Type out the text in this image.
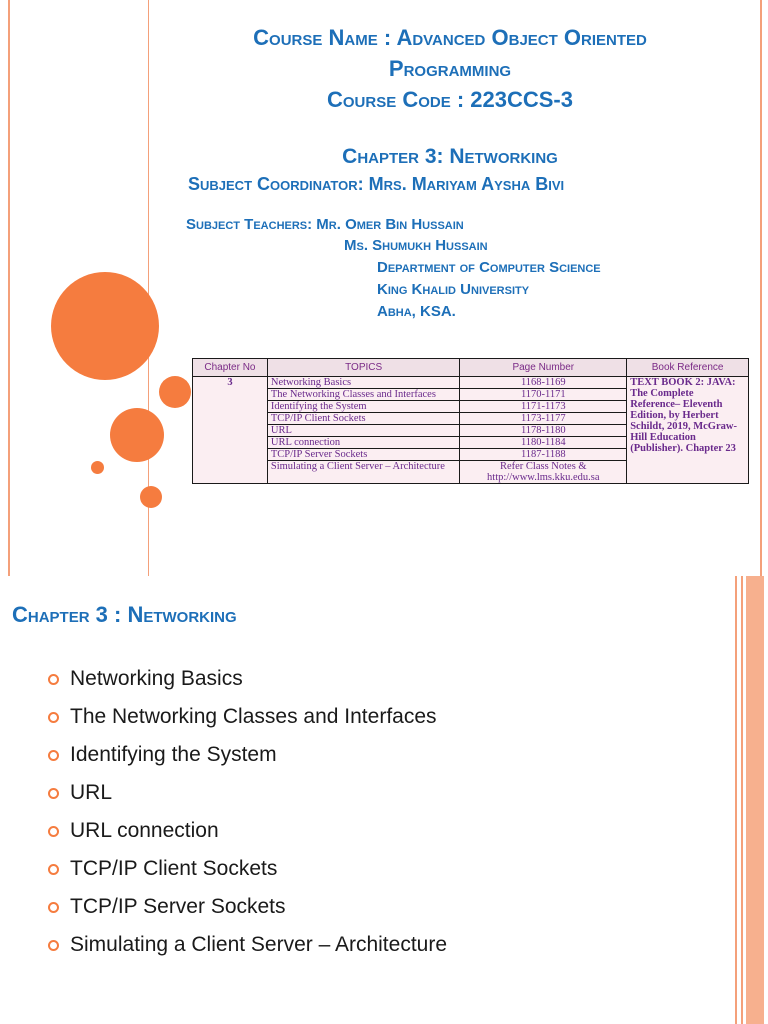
Course Name : Advanced Object Oriented
Programming
Course Code : 223CCS-3
Chapter 3: Networking
Subject Coordinator: Mrs. Mariyam Aysha Bivi
Subject Teachers: Mr. Omer Bin Hussain
Ms. Shumukh Hussain
Department of Computer Science
King Khalid University
Abha, KSA.
Chapter No	TOPICS	Page Number	Book Reference
3	Networking Basics	1168-1169	TEXT BOOK 2: JAVA: The Complete Reference– Eleventh Edition, by Herbert Schildt, 2019, McGraw-Hill Education (Publisher). Chapter 23
	The Networking Classes and Interfaces	1170-1171	
	Identifying the System	1171-1173	
	TCP/IP Client Sockets	1173-1177	
	URL	1178-1180	
	URL connection	1180-1184	
	TCP/IP Server Sockets	1187-1188	
	Simulating a Client Server – Architecture	Refer Class Notes & http://www.lms.kku.edu.sa	
Chapter 3 : Networking
Networking Basics
The Networking Classes and Interfaces
Identifying the System
URL
URL connection
TCP/IP Client Sockets
TCP/IP Server Sockets
Simulating a Client Server – Architecture
